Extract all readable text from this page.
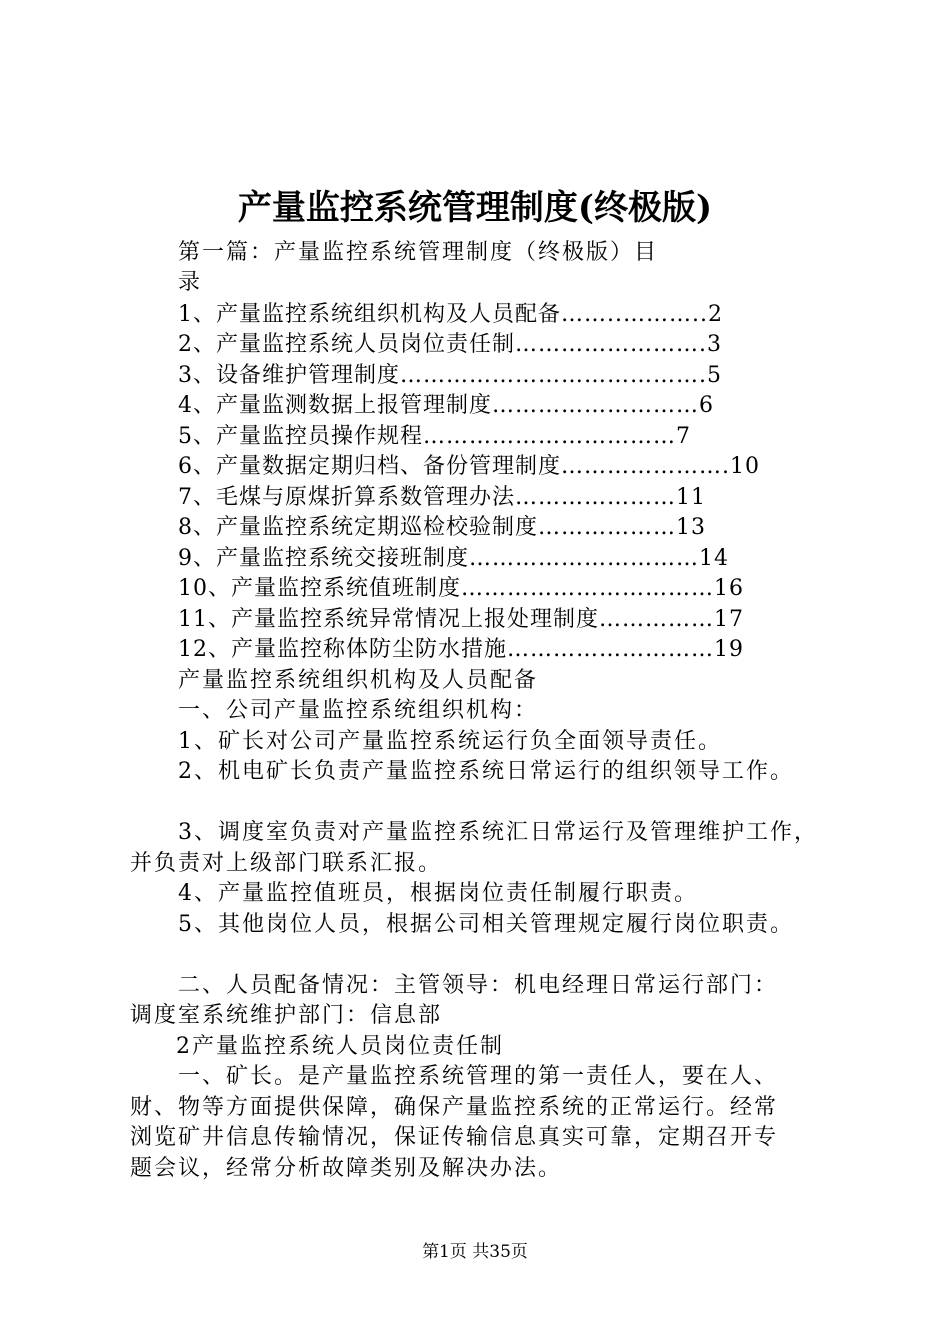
产量监控系统管理制度(终极版)
第一篇：产量监控系统管理制度（终极版）目
录
1、产量监控系统组织机构及人员配备……..………..2
2、产量监控系统人员岗位责任制…………………….3
3、设备维护管理制度………………………………….5
4、产量监测数据上报管理制度………………………6
5、产量监控员操作规程……………………………7
6、产量数据定期归档、备份管理制度………………….10
7、毛煤与原煤折算系数管理办法…………………11
8、产量监控系统定期巡检校验制度………………13
9、产量监控系统交接班制度…………………………14
10、产量监控系统值班制度……………………………16
11、产量监控系统异常情况上报处理制度……………17
12、产量监控称体防尘防水措施………………………19
产量监控系统组织机构及人员配备
一、公司产量监控系统组织机构：
1、矿长对公司产量监控系统运行负全面领导责任。
2、机电矿长负责产量监控系统日常运行的组织领导工作。
3、调度室负责对产量监控系统汇日常运行及管理维护工作，
并负责对上级部门联系汇报。
4、产量监控值班员，根据岗位责任制履行职责。
5、其他岗位人员，根据公司相关管理规定履行岗位职责。
二、人员配备情况：主管领导：机电经理日常运行部门：
调度室系统维护部门：信息部
2产量监控系统人员岗位责任制
一、矿长。是产量监控系统管理的第一责任人，要在人、
财、物等方面提供保障，确保产量监控系统的正常运行。经常
浏览矿井信息传输情况，保证传输信息真实可靠，定期召开专
题会议，经常分析故障类别及解决办法。
第1页 共35页
